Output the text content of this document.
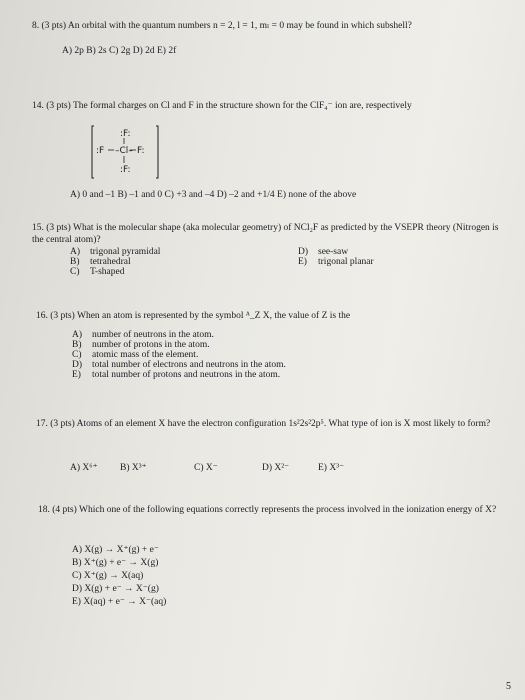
8. (3 pts) An orbital with the quantum numbers n = 2, l = 1, mₗ = 0 may be found in which subshell?
A) 2p B) 2s C) 2g D) 2d E) 2f
14. (3 pts) The formal charges on Cl and F in the structure shown for the ClF₄⁻ ion are, respectively
:F:
:F –Cl– F:
:F:
A) 0 and –1 B) –1 and 0 C) +3 and –4 D) –2 and +1/4 E) none of the above
15. (3 pts) What is the molecular shape (aka molecular geometry) of NCl₂F as predicted by the VSEPR theory (Nitrogen is the central atom)?
A) trigonal pyramidal
B) tetrahedral
C) T-shaped
D) see-saw
E) trigonal planar
16. (3 pts) When an atom is represented by the symbol ᴬ_Z X, the value of Z is the
A) number of neutrons in the atom.
B) number of protons in the atom.
C) atomic mass of the element.
D) total number of electrons and neutrons in the atom.
E) total number of protons and neutrons in the atom.
17. (3 pts) Atoms of an element X have the electron configuration 1s²2s²2p⁵. What type of ion is X most likely to form?
A) X⁶⁺ B) X³⁺	C) X⁻	D) X²⁻	E) X³⁻
18. (4 pts) Which one of the following equations correctly represents the process involved in the ionization energy of X?
A) X(g) → X⁺(g) + e⁻
B) X⁺(g) + e⁻ → X(g)
C) X⁺(g) → X(aq)
D) X(g) + e⁻ → X⁻(g)
E) X(aq) + e⁻ → X⁻(aq)
5
